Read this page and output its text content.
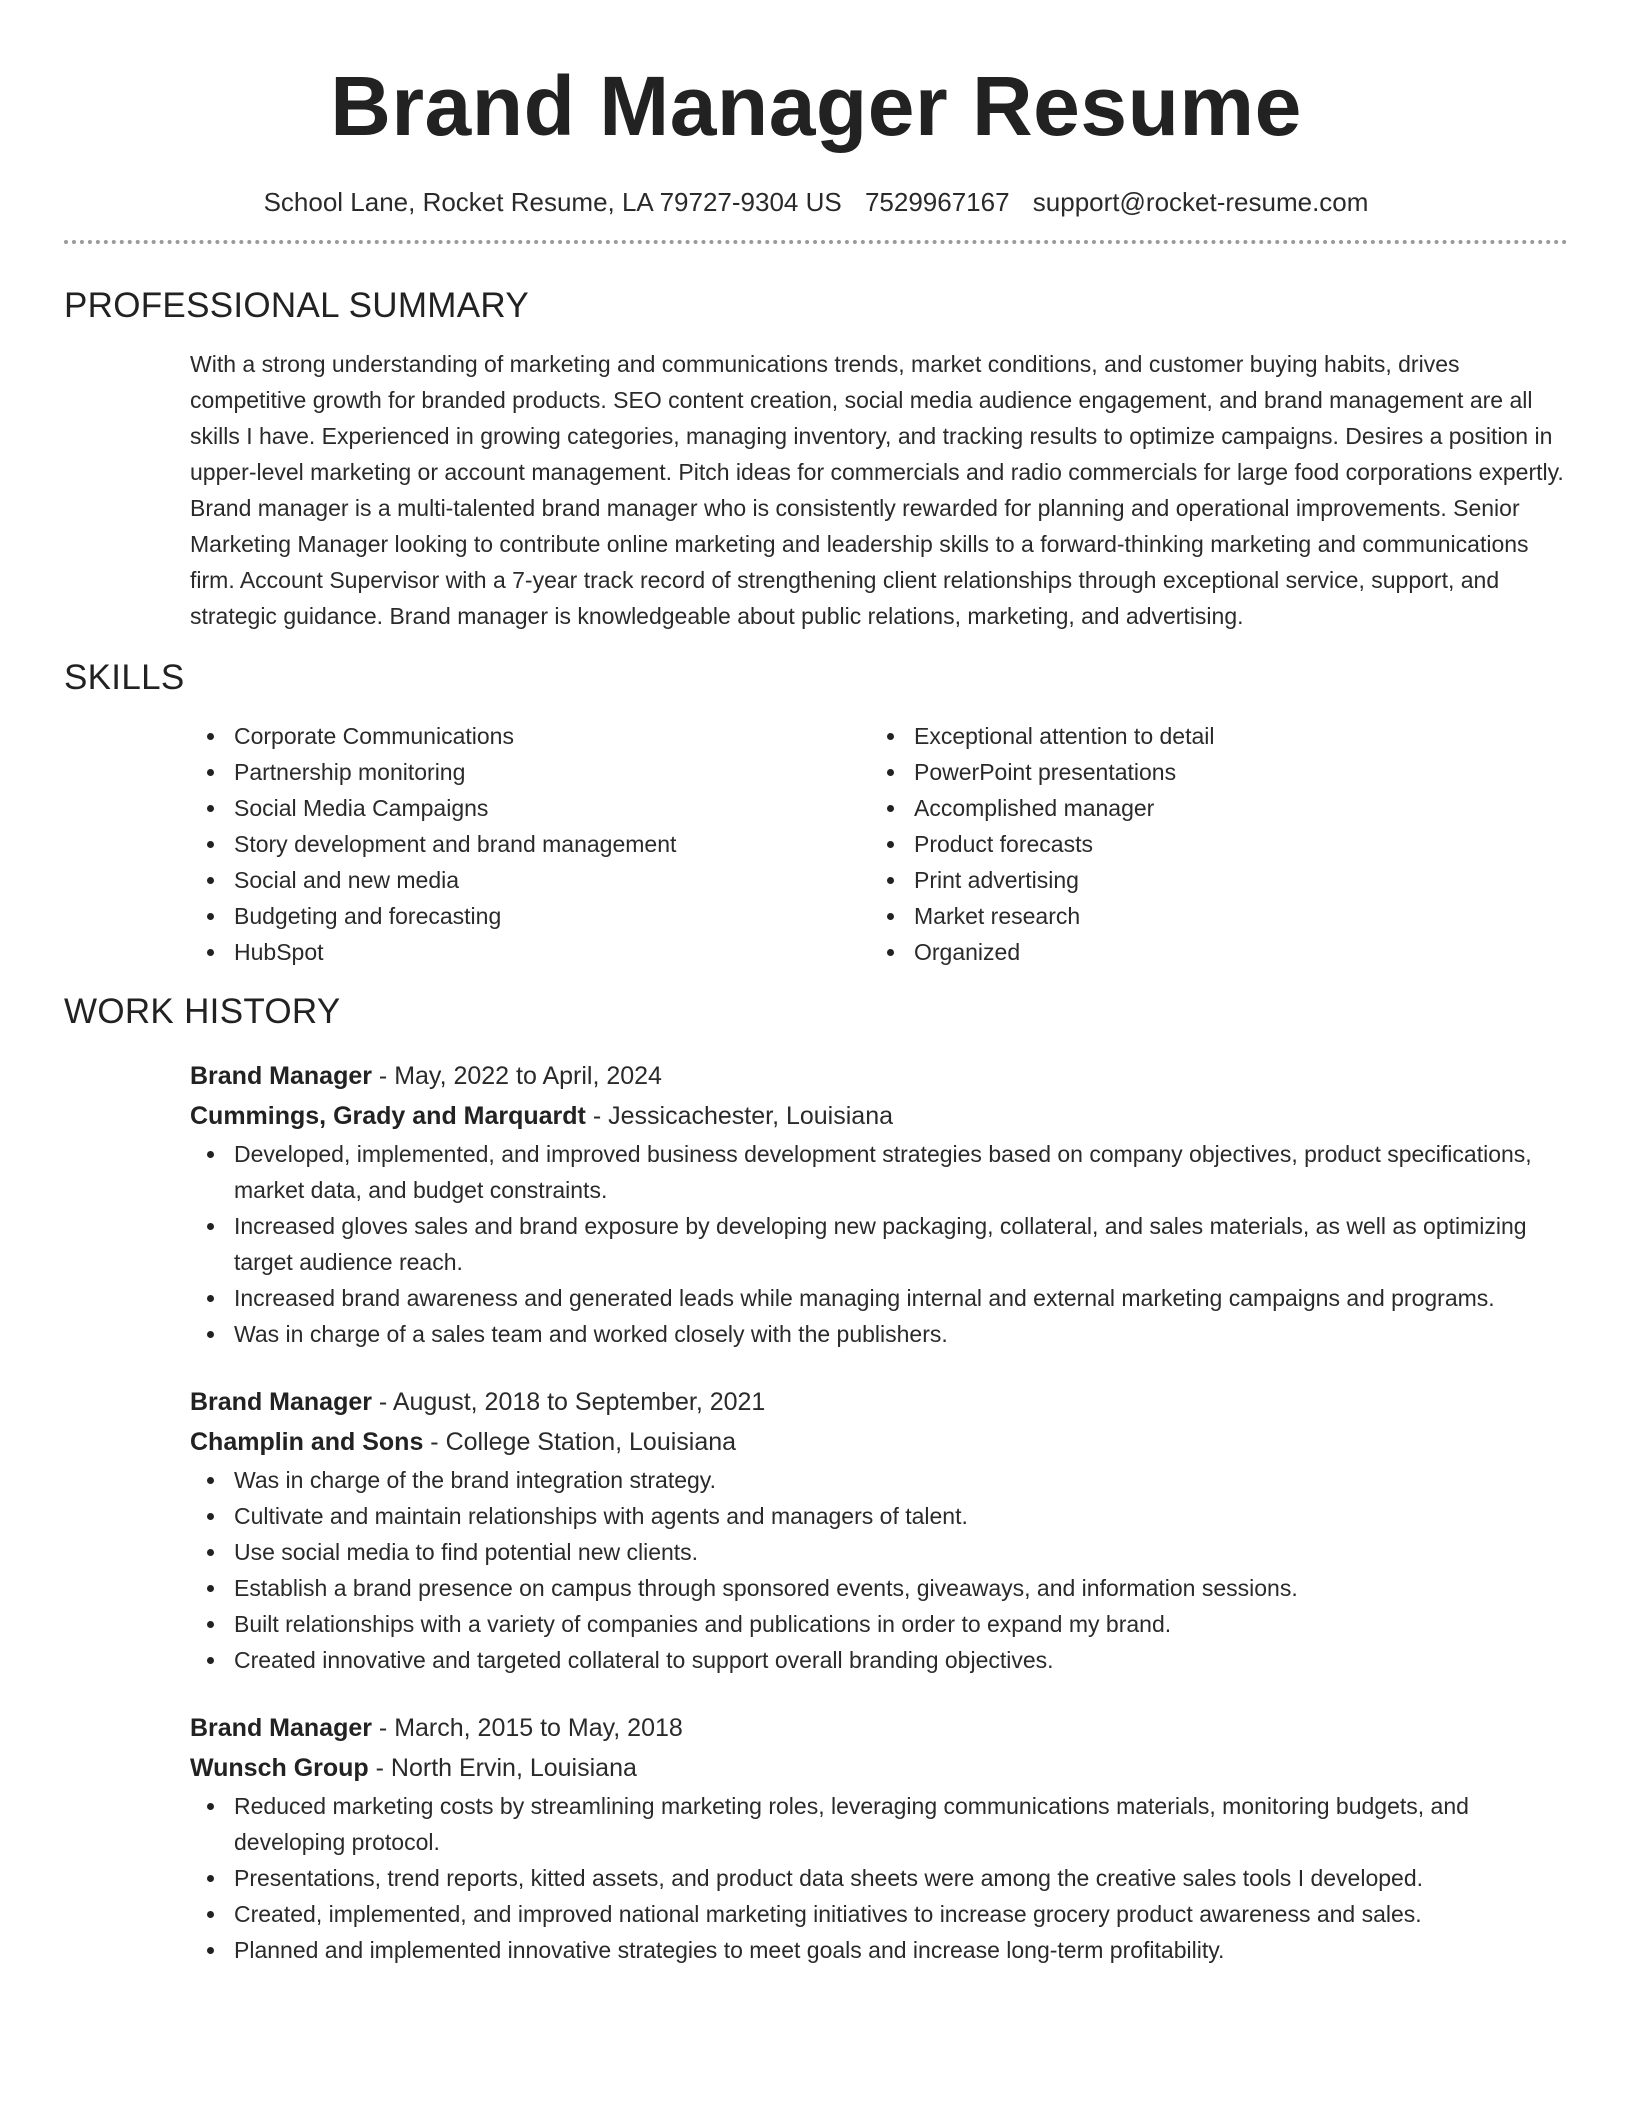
Brand Manager Resume
School Lane, Rocket Resume, LA 79727-9304 US 7529967167 support@rocket-resume.com
PROFESSIONAL SUMMARY
With a strong understanding of marketing and communications trends, market conditions, and customer buying habits, drives competitive growth for branded products. SEO content creation, social media audience engagement, and brand management are all skills I have. Experienced in growing categories, managing inventory, and tracking results to optimize campaigns. Desires a position in upper-level marketing or account management. Pitch ideas for commercials and radio commercials for large food corporations expertly. Brand manager is a multi-talented brand manager who is consistently rewarded for planning and operational improvements. Senior Marketing Manager looking to contribute online marketing and leadership skills to a forward-thinking marketing and communications firm. Account Supervisor with a 7-year track record of strengthening client relationships through exceptional service, support, and strategic guidance. Brand manager is knowledgeable about public relations, marketing, and advertising.
SKILLS
Corporate Communications
Partnership monitoring
Social Media Campaigns
Story development and brand management
Social and new media
Budgeting and forecasting
HubSpot
Exceptional attention to detail
PowerPoint presentations
Accomplished manager
Product forecasts
Print advertising
Market research
Organized
WORK HISTORY
Brand Manager - May, 2022 to April, 2024
Cummings, Grady and Marquardt - Jessicachester, Louisiana
Developed, implemented, and improved business development strategies based on company objectives, product specifications, market data, and budget constraints.
Increased gloves sales and brand exposure by developing new packaging, collateral, and sales materials, as well as optimizing target audience reach.
Increased brand awareness and generated leads while managing internal and external marketing campaigns and programs.
Was in charge of a sales team and worked closely with the publishers.
Brand Manager - August, 2018 to September, 2021
Champlin and Sons - College Station, Louisiana
Was in charge of the brand integration strategy.
Cultivate and maintain relationships with agents and managers of talent.
Use social media to find potential new clients.
Establish a brand presence on campus through sponsored events, giveaways, and information sessions.
Built relationships with a variety of companies and publications in order to expand my brand.
Created innovative and targeted collateral to support overall branding objectives.
Brand Manager - March, 2015 to May, 2018
Wunsch Group - North Ervin, Louisiana
Reduced marketing costs by streamlining marketing roles, leveraging communications materials, monitoring budgets, and developing protocol.
Presentations, trend reports, kitted assets, and product data sheets were among the creative sales tools I developed.
Created, implemented, and improved national marketing initiatives to increase grocery product awareness and sales.
Planned and implemented innovative strategies to meet goals and increase long-term profitability.
